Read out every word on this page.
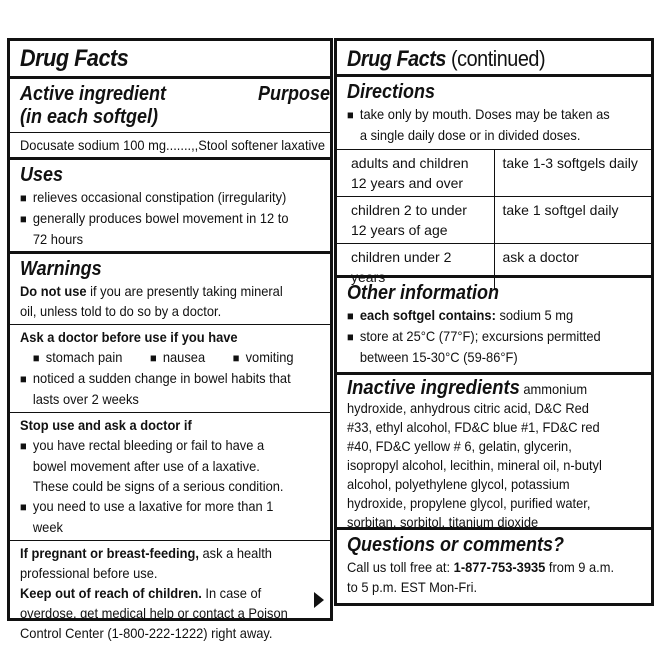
Drug Facts
Active ingredient
(in each softgel)
Purpose
Docusate sodium 100 mg.......,,Stool softener laxative
Uses
■ relieves occasional constipation (irregularity)
■ generally produces bowel movement in 12 to 72 hours
Warnings
Do not use if you are presently taking mineral oil, unless told to do so by a doctor.
Ask a doctor before use if you have
■ stomach pain	■ nausea	■ vomiting
■ noticed a sudden change in bowel habits that lasts over 2 weeks
Stop use and ask a doctor if
■ you have rectal bleeding or fail to have a bowel movement after use of a laxative. These could be signs of a serious condition.
■ you need to use a laxative for more than 1 week
If pregnant or breast-feeding, ask a health professional before use.
Keep out of reach of children. In case of overdose, get medical help or contact a Poison Control Center (1-800-222-1222) right away.
Drug Facts (continued)
Directions
■ take only by mouth. Doses may be taken as a single daily dose or in divided doses.
adults and children 12 years and over	take 1-3 softgels daily
children 2 to under 12 years of age	take 1 softgel daily
children under 2 years	ask a doctor
Other information
■ each softgel contains: sodium 5 mg
■ store at 25°C (77°F); excursions permitted between 15-30°C (59-86°F)
Inactive ingredients ammonium hydroxide, anhydrous citric acid, D&C Red #33, ethyl alcohol, FD&C blue #1, FD&C red #40, FD&C yellow # 6, gelatin, glycerin, isopropyl alcohol, lecithin, mineral oil, n-butyl alcohol, polyethylene glycol, potassium hydroxide, propylene glycol, purified water, sorbitan, sorbitol, titanium dioxide
Questions or comments?
Call us toll free at: 1-877-753-3935 from 9 a.m. to 5 p.m. EST Mon-Fri.
